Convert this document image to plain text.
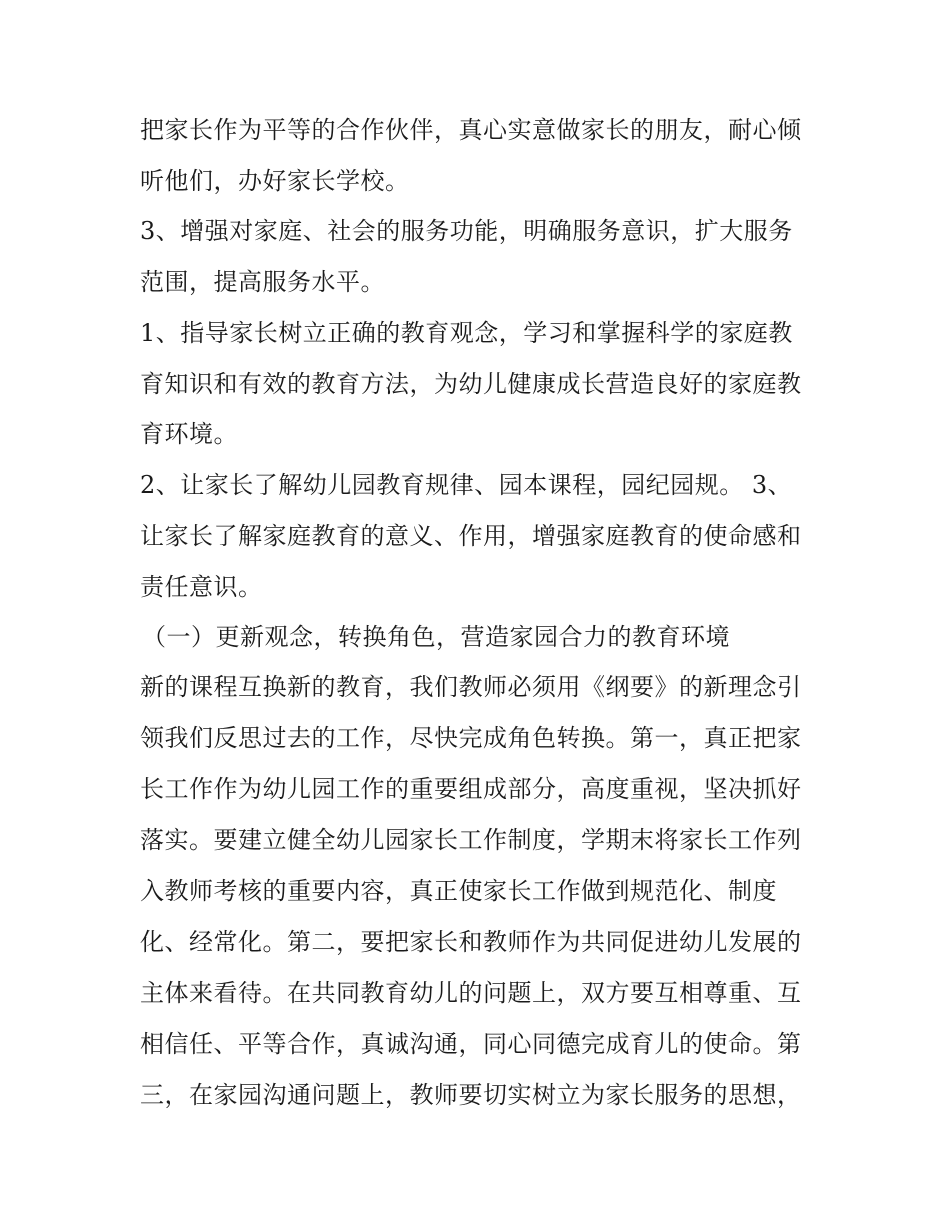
把家长作为平等的合作伙伴，真心实意做家长的朋友，耐心倾
听他们，办好家长学校。
3、增强对家庭、社会的服务功能，明确服务意识，扩大服务
范围，提高服务水平。
1、指导家长树立正确的教育观念，学习和掌握科学的家庭教
育知识和有效的教育方法，为幼儿健康成长营造良好的家庭教
育环境。
2、让家长了解幼儿园教育规律、园本课程，园纪园规。 3、
让家长了解家庭教育的意义、作用，增强家庭教育的使命感和
责任意识。
（一）更新观念，转换角色，营造家园合力的教育环境
新的课程互换新的教育，我们教师必须用《纲要》的新理念引
领我们反思过去的工作，尽快完成角色转换。第一，真正把家
长工作作为幼儿园工作的重要组成部分，高度重视，坚决抓好
落实。要建立健全幼儿园家长工作制度，学期末将家长工作列
入教师考核的重要内容，真正使家长工作做到规范化、制度
化、经常化。第二，要把家长和教师作为共同促进幼儿发展的
主体来看待。在共同教育幼儿的问题上，双方要互相尊重、互
相信任、平等合作，真诚沟通，同心同德完成育儿的使命。第
三，在家园沟通问题上，教师要切实树立为家长服务的思想，
